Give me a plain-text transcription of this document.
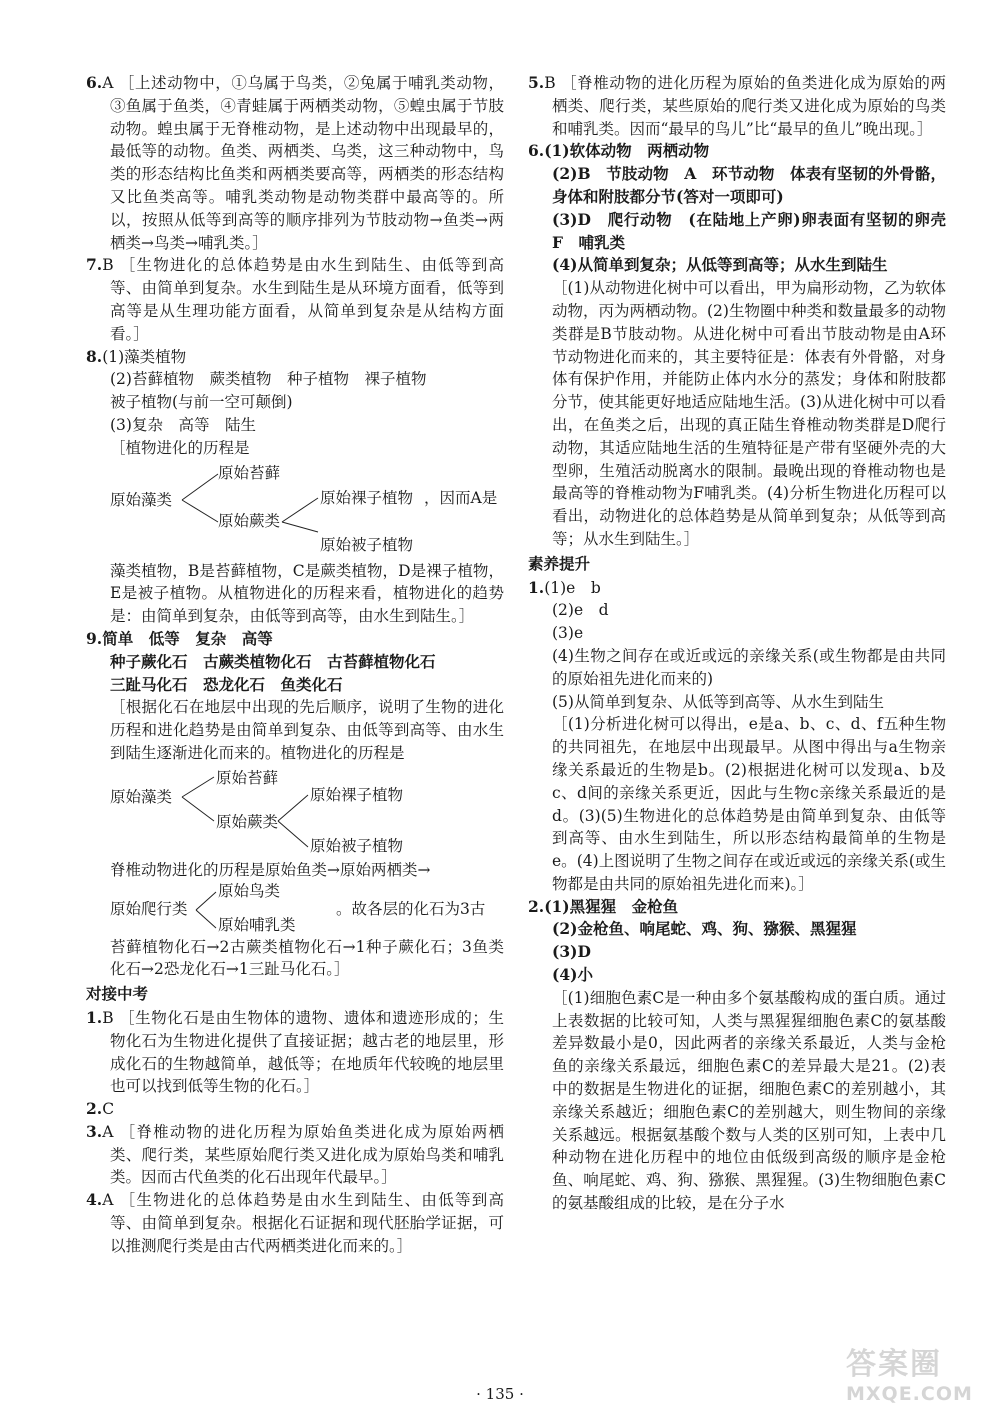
6.A ［上述动物中，①乌属于鸟类，②兔属于哺乳类动物，③鱼属于鱼类，④青蛙属于两栖类动物，⑤蝗虫属于节肢动物。蝗虫属于无脊椎动物，是上述动物中出现最早的，最低等的动物。鱼类、两栖类、乌类，这三种动物中，鸟类的形态结构比鱼类和两栖类要高等，两栖类的形态结构又比鱼类高等。哺乳类动物是动物类群中最高等的。所以，按照从低等到高等的顺序排列为节肢动物→鱼类→两栖类→鸟类→哺乳类。］

7.B ［生物进化的总体趋势是由水生到陆生、由低等到高等、由简单到复杂。水生到陆生是从环境方面看，低等到高等是从生理功能方面看，从简单到复杂是从结构方面看。］

8.(1)藻类植物

(2)苔藓植物　蕨类植物　种子植物　裸子植物

被子植物(与前一空可颠倒)

(3)复杂　高等　陆生

［植物进化的历程是

原始藻类
原始苔藓
原始蕨类
原始裸子植物 ，因而A是
原始被子植物

藻类植物，B是苔藓植物，C是蕨类植物，D是裸子植物，E是被子植物。从植物进化的历程来看，植物进化的趋势是：由简单到复杂，由低等到高等，由水生到陆生。］

9.简单　低等　复杂　高等

种子蕨化石　古蕨类植物化石　古苔藓植物化石

三趾马化石　恐龙化石　鱼类化石

［根据化石在地层中出现的先后顺序，说明了生物的进化历程和进化趋势是由简单到复杂、由低等到高等、由水生到陆生逐渐进化而来的。植物进化的历程是

原始藻类
原始苔藓
原始蕨类
原始裸子植物
原始被子植物

脊椎动物进化的历程是原始鱼类→原始两栖类→

原始爬行类
原始鸟类
原始哺乳类
。故各层的化石为3古

苔藓植物化石→2古蕨类植物化石→1种子蕨化石；3鱼类化石→2恐龙化石→1三趾马化石。］

对接中考

1.B ［生物化石是由生物体的遗物、遗体和遗迹形成的；生物化石为生物进化提供了直接证据；越古老的地层里，形成化石的生物越简单，越低等；在地质年代较晚的地层里也可以找到低等生物的化石。］

2.C

3.A ［脊椎动物的进化历程为原始鱼类进化成为原始两栖类、爬行类，某些原始爬行类又进化成为原始鸟类和哺乳类。因而古代鱼类的化石出现年代最早。］

4.A ［生物进化的总体趋势是由水生到陆生、由低等到高等、由简单到复杂。根据化石证据和现代胚胎学证据，可以推测爬行类是由古代两栖类进化而来的。］

5.B ［脊椎动物的进化历程为原始的鱼类进化成为原始的两栖类、爬行类，某些原始的爬行类又进化成为原始的鸟类和哺乳类。因而“最早的鸟儿”比“最早的鱼儿”晚出现。］

6.(1)软体动物　两栖动物

(2)B　节肢动物　A　环节动物　体表有坚韧的外骨骼，身体和附肢都分节(答对一项即可)

(3)D　爬行动物　(在陆地上产卵)卵表面有坚韧的卵壳　F　哺乳类

(4)从简单到复杂；从低等到高等；从水生到陆生

［(1)从动物进化树中可以看出，甲为扁形动物，乙为软体动物，丙为两栖动物。(2)生物圈中种类和数量最多的动物类群是B节肢动物。从进化树中可看出节肢动物是由A环节动物进化而来的，其主要特征是：体表有外骨骼，对身体有保护作用，并能防止体内水分的蒸发；身体和附肢都分节，使其能更好地适应陆地生活。(3)从进化树中可以看出，在鱼类之后，出现的真正陆生脊椎动物类群是D爬行动物，其适应陆地生活的生殖特征是产带有坚硬外壳的大型卵，生殖活动脱离水的限制。最晚出现的脊椎动物也是最高等的脊椎动物为F哺乳类。(4)分析生物进化历程可以看出，动物进化的总体趋势是从简单到复杂；从低等到高等；从水生到陆生。］

素养提升

1.(1)e　b

(2)e　d

(3)e

(4)生物之间存在或近或远的亲缘关系(或生物都是由共同的原始祖先进化而来的)

(5)从简单到复杂、从低等到高等、从水生到陆生

［(1)分析进化树可以得出，e是a、b、c、d、f五种生物的共同祖先，在地层中出现最早。从图中得出与a生物亲缘关系最近的生物是b。(2)根据进化树可以发现a、b及c、d间的亲缘关系更近，因此与生物c亲缘关系最近的是d。(3)(5)生物进化的总体趋势是由简单到复杂、由低等到高等、由水生到陆生，所以形态结构最简单的生物是e。(4)上图说明了生物之间存在或近或远的亲缘关系(或生物都是由共同的原始祖先进化而来)。］

2.(1)黑猩猩　金枪鱼

(2)金枪鱼、响尾蛇、鸡、狗、猕猴、黑猩猩

(3)D

(4)小

［(1)细胞色素C是一种由多个氨基酸构成的蛋白质。通过上表数据的比较可知，人类与黑猩猩细胞色素C的氨基酸差异数最小是0，因此两者的亲缘关系最近，人类与金枪鱼的亲缘关系最远，细胞色素C的差异最大是21。(2)表中的数据是生物进化的证据，细胞色素C的差别越小，其亲缘关系越近；细胞色素C的差别越大，则生物间的亲缘关系越远。根据氨基酸个数与人类的区别可知，上表中几种动物在进化历程中的地位由低级到高级的顺序是金枪鱼、响尾蛇、鸡、狗、猕猴、黑猩猩。(3)生物细胞色素C的氨基酸组成的比较，是在分子水

· 135 ·
答案圈
MXQE.COM
